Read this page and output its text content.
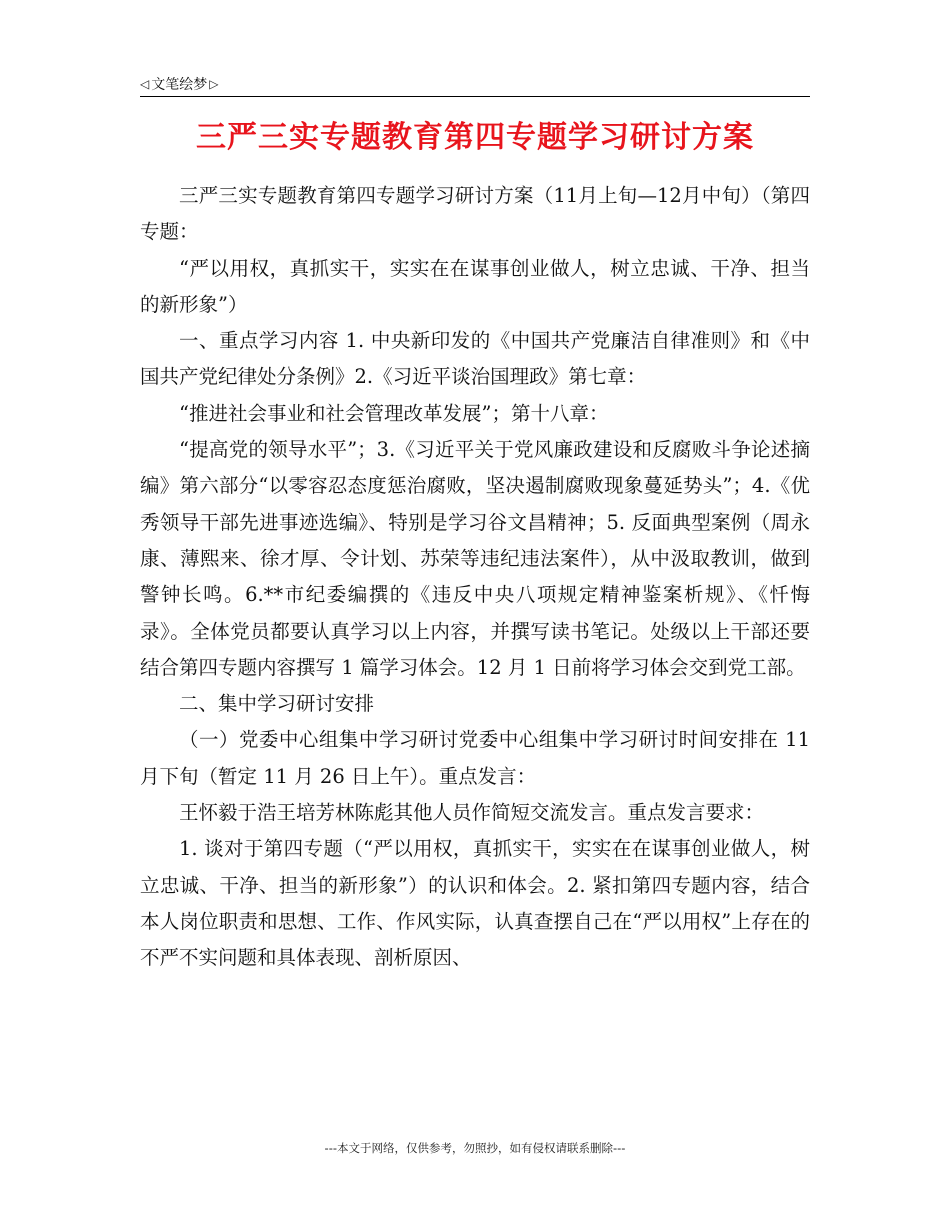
◁ 文笔绘梦 ▷
三严三实专题教育第四专题学习研讨方案

三严三实专题教育第四专题学习研讨方案（11月上旬—12月中旬）（第四专题：

“严以用权，真抓实干，实实在在谋事创业做人，树立忠诚、干净、担当的新形象”）

一、重点学习内容 1. 中央新印发的《中国共产党廉洁自律准则》和《中国共产党纪律处分条例》2.《习近平谈治国理政》第七章：

“推进社会事业和社会管理改革发展”；第十八章：

“提高党的领导水平”；3.《习近平关于党风廉政建设和反腐败斗争论述摘编》第六部分“以零容忍态度惩治腐败，坚决遏制腐败现象蔓延势头”；4.《优秀领导干部先进事迹选编》、特别是学习谷文昌精神；5. 反面典型案例（周永康、薄熙来、徐才厚、令计划、苏荣等违纪违法案件），从中汲取教训，做到警钟长鸣。6.**市纪委编撰的《违反中央八项规定精神鉴案析规》、《忏悔录》。全体党员都要认真学习以上内容，并撰写读书笔记。处级以上干部还要结合第四专题内容撰写 1 篇学习体会。12 月 1 日前将学习体会交到党工部。

二、集中学习研讨安排

（一）党委中心组集中学习研讨党委中心组集中学习研讨时间安排在 11 月下旬（暂定 11 月 26 日上午）。重点发言：

王怀毅于浩王培芳林陈彪其他人员作简短交流发言。重点发言要求：

1. 谈对于第四专题（“严以用权，真抓实干，实实在在谋事创业做人，树立忠诚、干净、担当的新形象”）的认识和体会。2. 紧扣第四专题内容，结合本人岗位职责和思想、工作、作风实际，认真查摆自己在“严以用权”上存在的不严不实问题和具体表现、剖析原因、

---本文于网络，仅供参考，勿照抄，如有侵权请联系删除---
